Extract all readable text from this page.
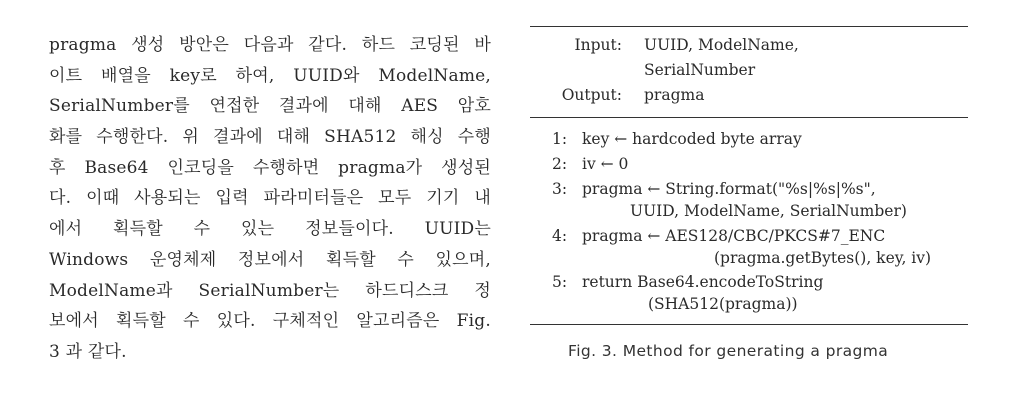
pragma 생성 방안은 다음과 같다. 하드 코딩된 바
이트 배열을 key로 하여, UUID와 ModelName,
SerialNumber를 연접한 결과에 대해 AES 암호
화를 수행한다. 위 결과에 대해 SHA512 해싱 수행
후 Base64 인코딩을 수행하면 pragma가 생성된
다. 이때 사용되는 입력 파라미터들은 모두 기기 내
에서 획득할 수 있는 정보들이다. UUID는
Windows 운영체제 정보에서 획득할 수 있으며,
ModelName과 SerialNumber는 하드디스크 정
보에서 획득할 수 있다. 구체적인 알고리즘은 Fig.
3 과 같다.
Input: UUID, ModelName,
SerialNumber
Output: pragma
1: key ← hardcoded byte array
2: iv ← 0
3: pragma ← String.format("%s|%s|%s",
UUID, ModelName, SerialNumber)
4: pragma ← AES128/CBC/PKCS#7_ENC
(pragma.getBytes(), key, iv)
5: return Base64.encodeToString
(SHA512(pragma))
Fig. 3. Method for generating a pragma
